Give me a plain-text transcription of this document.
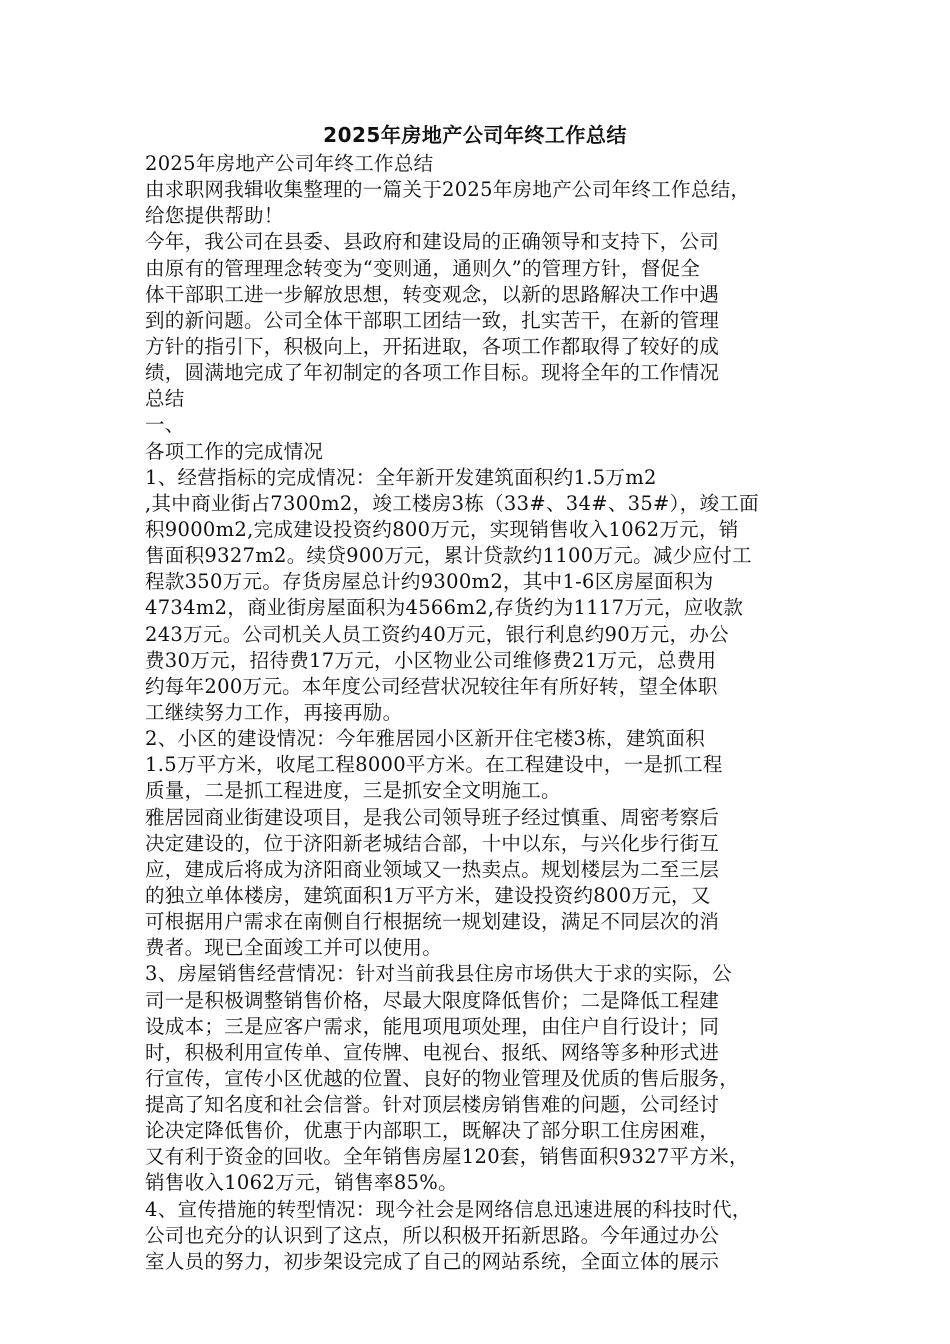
2025年房地产公司年终工作总结
2025年房地产公司年终工作总结
由求职网我辑收集整理的一篇关于2025年房地产公司年终工作总结，
给您提供帮助！
今年，我公司在县委、县政府和建设局的正确领导和支持下，公司
由原有的管理理念转变为“变则通，通则久”的管理方针，督促全
体干部职工进一步解放思想，转变观念，以新的思路解决工作中遇
到的新问题。公司全体干部职工团结一致，扎实苦干，在新的管理
方针的指引下，积极向上，开拓进取，各项工作都取得了较好的成
绩，圆满地完成了年初制定的各项工作目标。现将全年的工作情况
总结
一、
各项工作的完成情况
1、经营指标的完成情况：全年新开发建筑面积约1.5万m2
,其中商业街占7300m2，竣工楼房3栋（33#、34#、35#），竣工面
积9000m2,完成建设投资约800万元，实现销售收入1062万元，销
售面积9327m2。续贷900万元，累计贷款约1100万元。减少应付工
程款350万元。存货房屋总计约9300m2，其中1-6区房屋面积为
4734m2，商业街房屋面积为4566m2,存货约为1117万元，应收款
243万元。公司机关人员工资约40万元，银行利息约90万元，办公
费30万元，招待费17万元，小区物业公司维修费21万元，总费用
约每年200万元。本年度公司经营状况较往年有所好转，望全体职
工继续努力工作，再接再励。
2、小区的建设情况：今年雅居园小区新开住宅楼3栋，建筑面积
1.5万平方米，收尾工程8000平方米。在工程建设中，一是抓工程
质量，二是抓工程进度，三是抓安全文明施工。
雅居园商业街建设项目，是我公司领导班子经过慎重、周密考察后
决定建设的，位于济阳新老城结合部，十中以东，与兴化步行街互
应，建成后将成为济阳商业领域又一热卖点。规划楼层为二至三层
的独立单体楼房，建筑面积1万平方米，建设投资约800万元，又
可根据用户需求在南侧自行根据统一规划建设，满足不同层次的消
费者。现已全面竣工并可以使用。
3、房屋销售经营情况：针对当前我县住房市场供大于求的实际，公
司一是积极调整销售价格，尽最大限度降低售价；二是降低工程建
设成本；三是应客户需求，能甩项甩项处理，由住户自行设计；同
时，积极利用宣传单、宣传牌、电视台、报纸、网络等多种形式进
行宣传，宣传小区优越的位置、良好的物业管理及优质的售后服务，
提高了知名度和社会信誉。针对顶层楼房销售难的问题，公司经讨
论决定降低售价，优惠于内部职工，既解决了部分职工住房困难，
又有利于资金的回收。全年销售房屋120套，销售面积9327平方米，
销售收入1062万元，销售率85%。
4、宣传措施的转型情况：现今社会是网络信息迅速进展的科技时代，
公司也充分的认识到了这点，所以积极开拓新思路。今年通过办公
室人员的努力，初步架设完成了自己的网站系统，全面立体的展示
